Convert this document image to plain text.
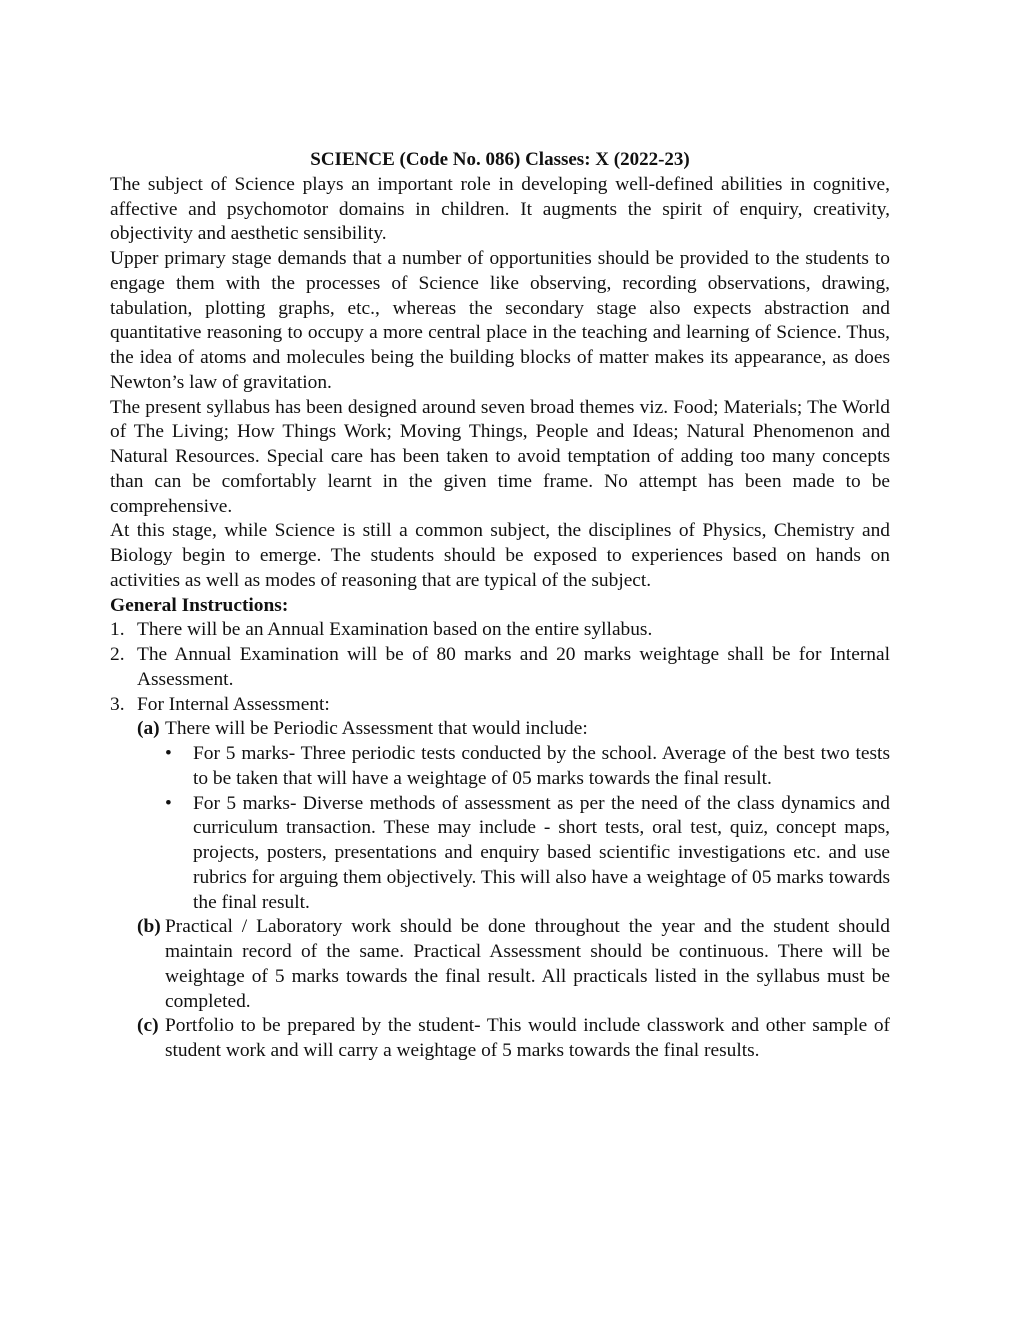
SCIENCE (Code No. 086) Classes: X (2022-23)

The subject of Science plays an important role in developing well-defined abilities in cognitive, affective and psychomotor domains in children. It augments the spirit of enquiry, creativity, objectivity and aesthetic sensibility.

Upper primary stage demands that a number of opportunities should be provided to the students to engage them with the processes of Science like observing, recording observations, drawing, tabulation, plotting graphs, etc., whereas the secondary stage also expects abstraction and quantitative reasoning to occupy a more central place in the teaching and learning of Science. Thus, the idea of atoms and molecules being the building blocks of matter makes its appearance, as does Newton’s law of gravitation.

The present syllabus has been designed around seven broad themes viz. Food; Materials; The World of The Living; How Things Work; Moving Things, People and Ideas; Natural Phenomenon and Natural Resources. Special care has been taken to avoid temptation of adding too many concepts than can be comfortably learnt in the given time frame. No attempt has been made to be comprehensive.

At this stage, while Science is still a common subject, the disciplines of Physics, Chemistry and Biology begin to emerge. The students should be exposed to experiences based on hands on activities as well as modes of reasoning that are typical of the subject.

General Instructions:
1. There will be an Annual Examination based on the entire syllabus.
2. The Annual Examination will be of 80 marks and 20 marks weightage shall be for Internal Assessment.
3. For Internal Assessment:
(a) There will be Periodic Assessment that would include:
•	For 5 marks- Three periodic tests conducted by the school. Average of the best two tests to be taken that will have a weightage of 05 marks towards the final result.
•	For 5 marks- Diverse methods of assessment as per the need of the class dynamics and curriculum transaction. These may include - short tests, oral test, quiz, concept maps, projects, posters, presentations and enquiry based scientific investigations etc. and use rubrics for arguing them objectively. This will also have a weightage of 05 marks towards the final result.
(b) Practical / Laboratory work should be done throughout the year and the student should maintain record of the same. Practical Assessment should be continuous. There will be weightage of 5 marks towards the final result. All practicals listed in the syllabus must be completed.
(c) Portfolio to be prepared by the student- This would include classwork and other sample of student work and will carry a weightage of 5 marks towards the final results.
